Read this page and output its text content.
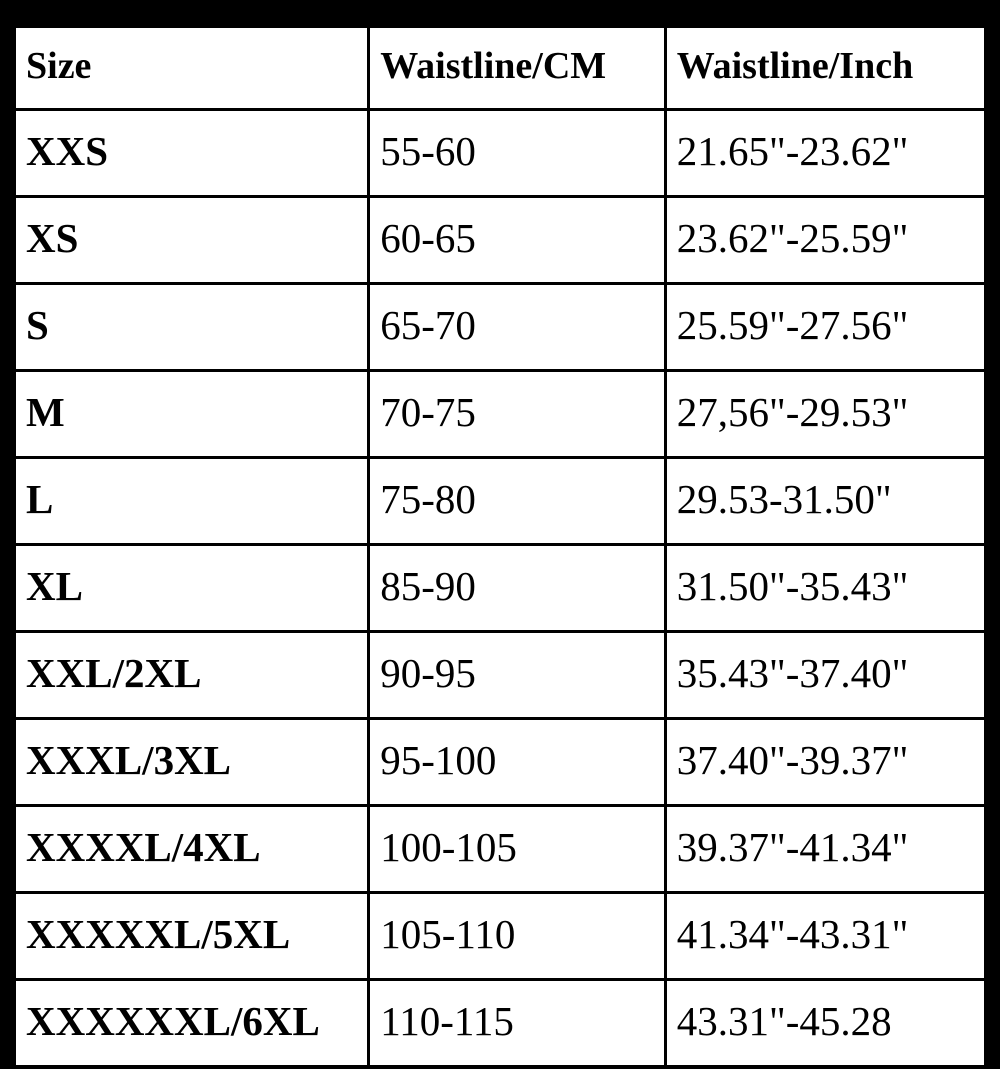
Size	Waistline/CM	Waistline/Inch
XXS	55-60	21.65"-23.62"
XS	60-65	23.62"-25.59"
S	65-70	25.59"-27.56"
M	70-75	27,56"-29.53"
L	75-80	29.53-31.50"
XL	85-90	31.50"-35.43"
XXL/2XL	90-95	35.43"-37.40"
XXXL/3XL	95-100	37.40"-39.37"
XXXXL/4XL	100-105	39.37"-41.34"
XXXXXL/5XL	105-110	41.34"-43.31"
XXXXXXL/6XL	110-115	43.31"-45.28
